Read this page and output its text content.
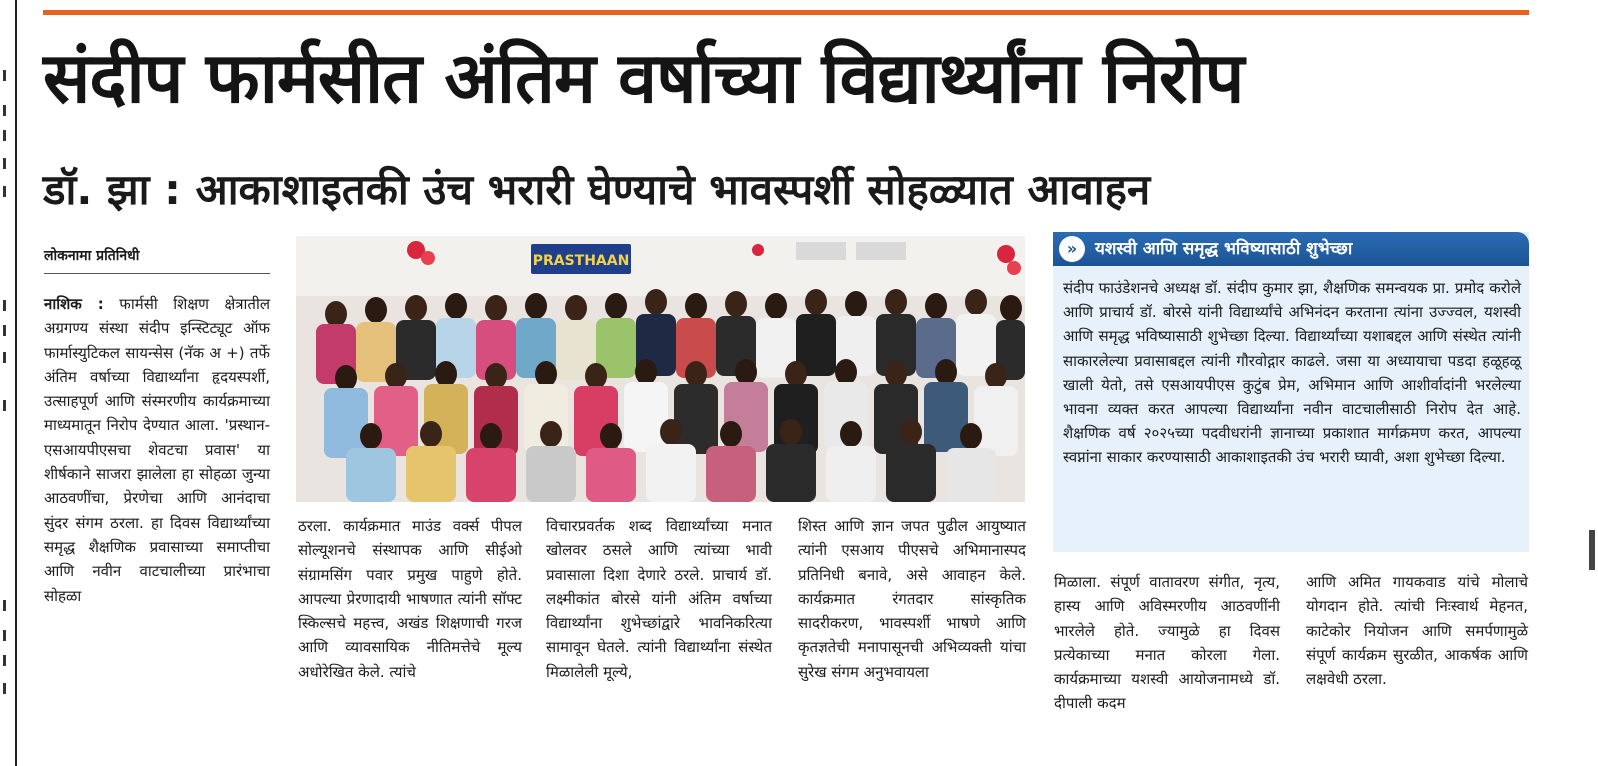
संदीप फार्मसीत अंतिम वर्षाच्या विद्यार्थ्यांना निरोप
डॉ. झा : आकाशाइतकी उंच भरारी घेण्याचे भावस्पर्शी सोहळ्यात आवाहन
लोकनामा प्रतिनिधी
नाशिक : फार्मसी शिक्षण क्षेत्रातील अग्रगण्य संस्था संदीप इन्स्टिट्यूट ऑफ फार्मास्युटिकल सायन्सेस (नॅक अ +) तर्फे अंतिम वर्षाच्या विद्यार्थ्यांना हृदयस्पर्शी, उत्साहपूर्ण आणि संस्मरणीय कार्यक्रमाच्या माध्यमातून निरोप देण्यात आला. 'प्रस्थान-एसआयपीएसचा शेवटचा प्रवास' या शीर्षकाने साजरा झालेला हा सोहळा जुन्या आठवणींचा, प्रेरणेचा आणि आनंदाचा सुंदर संगम ठरला. हा दिवस विद्यार्थ्यांच्या समृद्ध शैक्षणिक प्रवासाच्या समाप्तीचा आणि नवीन वाटचालीच्या प्रारंभाचा सोहळा
PRASTHAAN
ठरला. कार्यक्रमात माउंड वर्क्स पीपल सोल्यूशनचे संस्थापक आणि सीईओ संग्रामसिंग पवार प्रमुख पाहुणे होते. आपल्या प्रेरणादायी भाषणात त्यांनी सॉफ्ट स्किल्सचे महत्त्व, अखंड शिक्षणाची गरज आणि व्यावसायिक नीतिमत्तेचे मूल्य अधोरेखित केले. त्यांचे
विचारप्रवर्तक शब्द विद्यार्थ्यांच्या मनात खोलवर ठसले आणि त्यांच्या भावी प्रवासाला दिशा देणारे ठरले. प्राचार्य डॉ. लक्ष्मीकांत बोरसे यांनी अंतिम वर्षाच्या विद्यार्थ्यांना शुभेच्छांद्वारे भावनिकरित्या सामावून घेतले. त्यांनी विद्यार्थ्यांना संस्थेत मिळालेली मूल्ये,
शिस्त आणि ज्ञान जपत पुढील आयुष्यात त्यांनी एसआय पीएसचे अभिमानास्पद प्रतिनिधी बनावे, असे आवाहन केले. कार्यक्रमात रंगतदार सांस्कृतिक सादरीकरण, भावस्पर्शी भाषणे आणि कृतज्ञतेची मनापासूनची अभिव्यक्ती यांचा सुरेख संगम अनुभवायला
»	यशस्वी आणि समृद्ध भविष्यासाठी शुभेच्छा
संदीप फाउंडेशनचे अध्यक्ष डॉ. संदीप कुमार झा, शैक्षणिक समन्वयक प्रा. प्रमोद करोले आणि प्राचार्य डॉ. बोरसे यांनी विद्यार्थ्यांचे अभिनंदन करताना त्यांना उज्ज्वल, यशस्वी आणि समृद्ध भविष्यासाठी शुभेच्छा दिल्या. विद्यार्थ्यांच्या यशाबद्दल आणि संस्थेत त्यांनी साकारलेल्या प्रवासाबद्दल त्यांनी गौरवोद्गार काढले. जसा या अध्यायाचा पडदा हळूहळू खाली येतो, तसे एसआयपीएस कुटुंब प्रेम, अभिमान आणि आशीर्वादांनी भरलेल्या भावना व्यक्त करत आपल्या विद्यार्थ्यांना नवीन वाटचालीसाठी निरोप देत आहे. शैक्षणिक वर्ष २०२५च्या पदवीधरांनी ज्ञानाच्या प्रकाशात मार्गक्रमण करत, आपल्या स्वप्नांना साकार करण्यासाठी आकाशाइतकी उंच भरारी घ्यावी, अशा शुभेच्छा दिल्या.
मिळाला. संपूर्ण वातावरण संगीत, नृत्य, हास्य आणि अविस्मरणीय आठवणींनी भारलेले होते. ज्यामुळे हा दिवस प्रत्येकाच्या मनात कोरला गेला. कार्यक्रमाच्या यशस्वी आयोजनामध्ये डॉ. दीपाली कदम
आणि अमित गायकवाड यांचे मोलाचे योगदान होते. त्यांची निःस्वार्थ मेहनत, काटेकोर नियोजन आणि समर्पणामुळे संपूर्ण कार्यक्रम सुरळीत, आकर्षक आणि लक्षवेधी ठरला.
